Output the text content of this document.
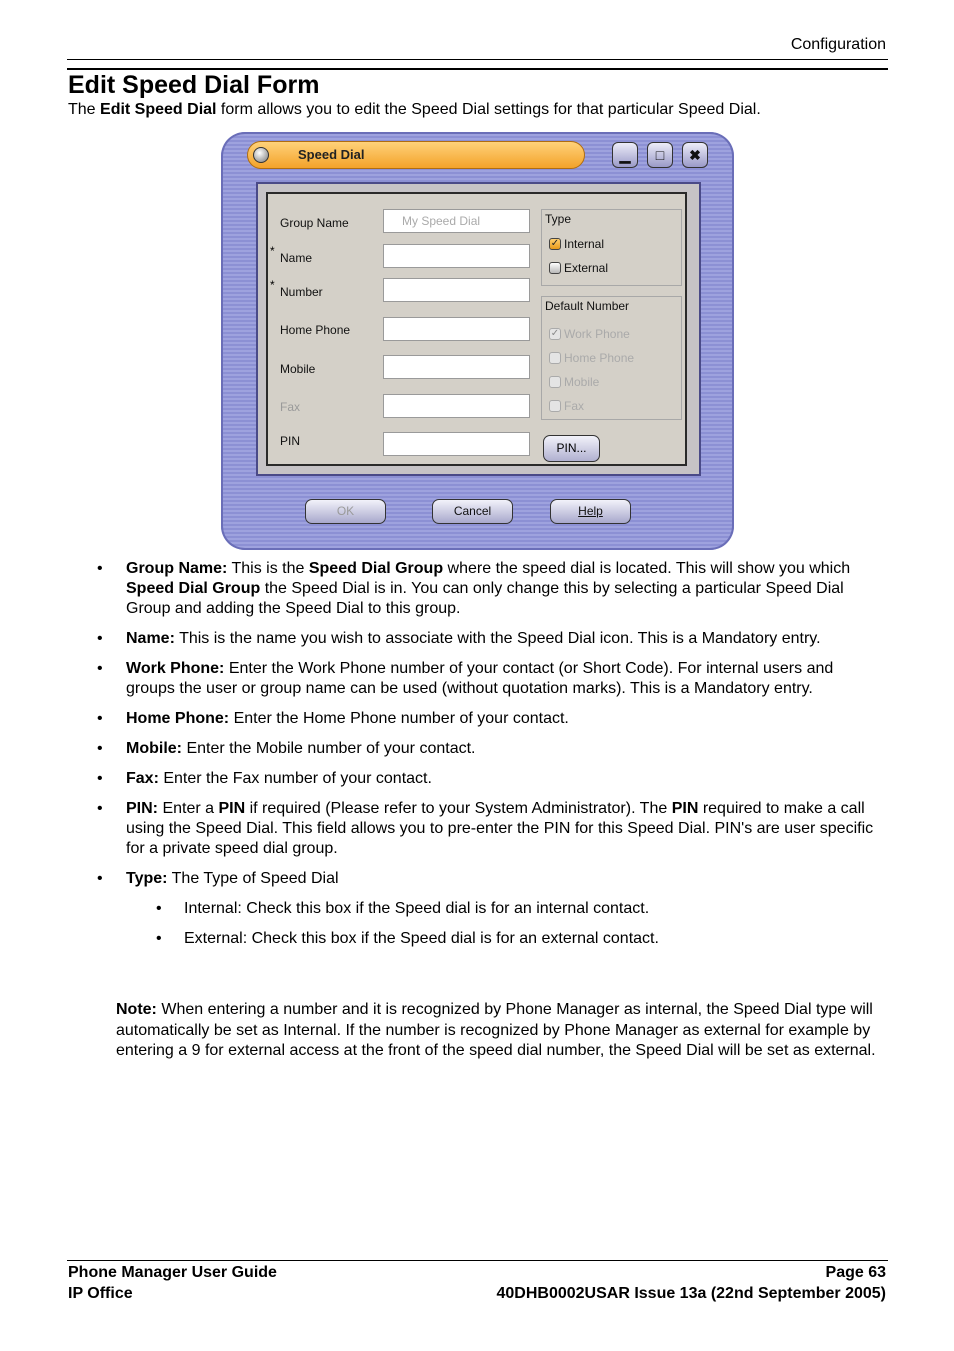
Configuration
Edit Speed Dial Form
The Edit Speed Dial form allows you to edit the Speed Dial settings for that particular Speed Dial.
Speed Dial	▁	□	✖
Group Name	My Speed Dial
* Name
* Number
Home Phone
Mobile
Fax
PIN
Type
✓ Internal
External
Default Number
✓ Work Phone
Home Phone
Mobile
Fax
PIN...
OK	Cancel	Help
• Group Name: This is the Speed Dial Group where the speed dial is located. This will show you which Speed Dial Group the Speed Dial is in. You can only change this by selecting a particular Speed Dial Group and adding the Speed Dial to this group.
• Name: This is the name you wish to associate with the Speed Dial icon. This is a Mandatory entry.
• Work Phone: Enter the Work Phone number of your contact (or Short Code). For internal users and groups the user or group name can be used (without quotation marks). This is a Mandatory entry.
• Home Phone: Enter the Home Phone number of your contact.
• Mobile: Enter the Mobile number of your contact.
• Fax: Enter the Fax number of your contact.
• PIN: Enter a PIN if required (Please refer to your System Administrator). The PIN required to make a call using the Speed Dial. This field allows you to pre-enter the PIN for this Speed Dial. PIN's are user specific for a private speed dial group.
• Type: The Type of Speed Dial
• Internal: Check this box if the Speed dial is for an internal contact.
• External: Check this box if the Speed dial is for an external contact.

Note: When entering a number and it is recognized by Phone Manager as internal, the Speed Dial type will automatically be set as Internal. If the number is recognized by Phone Manager as external for example by entering a 9 for external access at the front of the speed dial number, the Speed Dial will be set as external.

Phone Manager User Guide
IP Office
Page 63
40DHB0002USAR Issue 13a (22nd September 2005)
